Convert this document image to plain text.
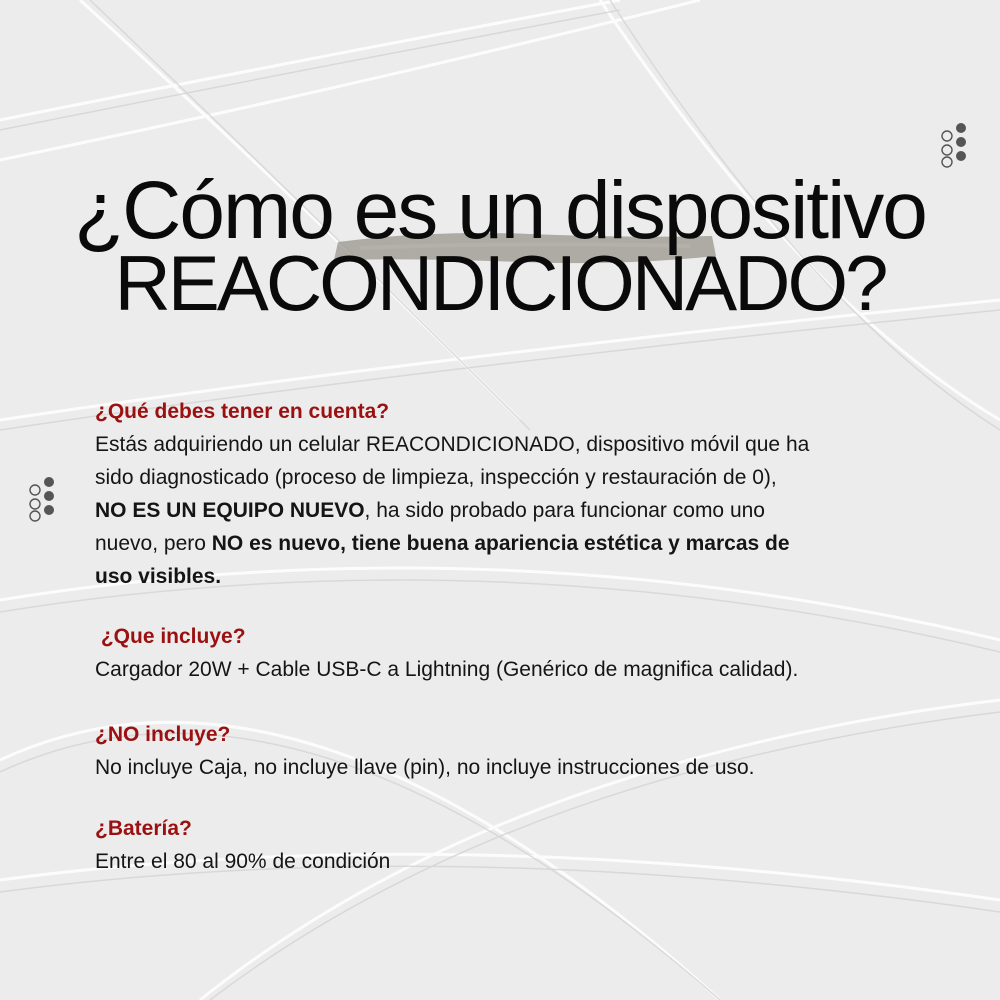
¿Cómo es un dispositivo
REACONDICIONADO?
¿Qué debes tener en cuenta?
Estás adquiriendo un celular REACONDICIONADO, dispositivo móvil que ha
sido diagnosticado (proceso de limpieza, inspección y restauración de 0),
NO ES UN EQUIPO NUEVO, ha sido probado para funcionar como uno
nuevo, pero NO es nuevo, tiene buena apariencia estética y marcas de
uso visibles.
¿Que incluye?
Cargador 20W + Cable USB-C a Lightning (Genérico de magnifica calidad).
¿NO incluye?
No incluye Caja, no incluye llave (pin), no incluye instrucciones de uso.
¿Batería?
Entre el 80 al 90% de condición
